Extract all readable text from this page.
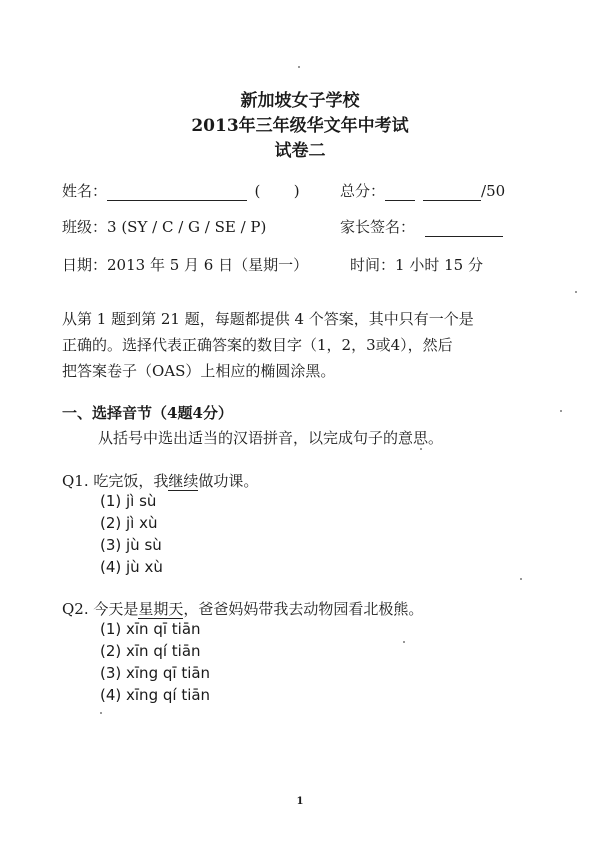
新加坡女子学校
2013年三年级华文年中考试
试卷二
姓名：	( )	总分：	/50
班级：3 (SY / C / G / SE / P)	家长签名：
日期：2013 年 5 月 6 日（星期一）	时间：1 小时 15 分
从第 1 题到第 21 题，每题都提供 4 个答案，其中只有一个是
正确的。选择代表正确答案的数目字（1，2，3或4），然后
把答案卷子（OAS）上相应的椭圆涂黑。
一、选择音节（4题4分）
从括号中选出适当的汉语拼音，以完成句子的意思。
Q1. 吃完饭，我继续做功课。
(1) jì sù
(2) jì xù
(3) jù sù
(4) jù xù
Q2. 今天是星期天，爸爸妈妈带我去动物园看北极熊。
(1) xīn qī tiān
(2) xīn qí tiān
(3) xīng qī tiān
(4) xīng qí tiān
1
